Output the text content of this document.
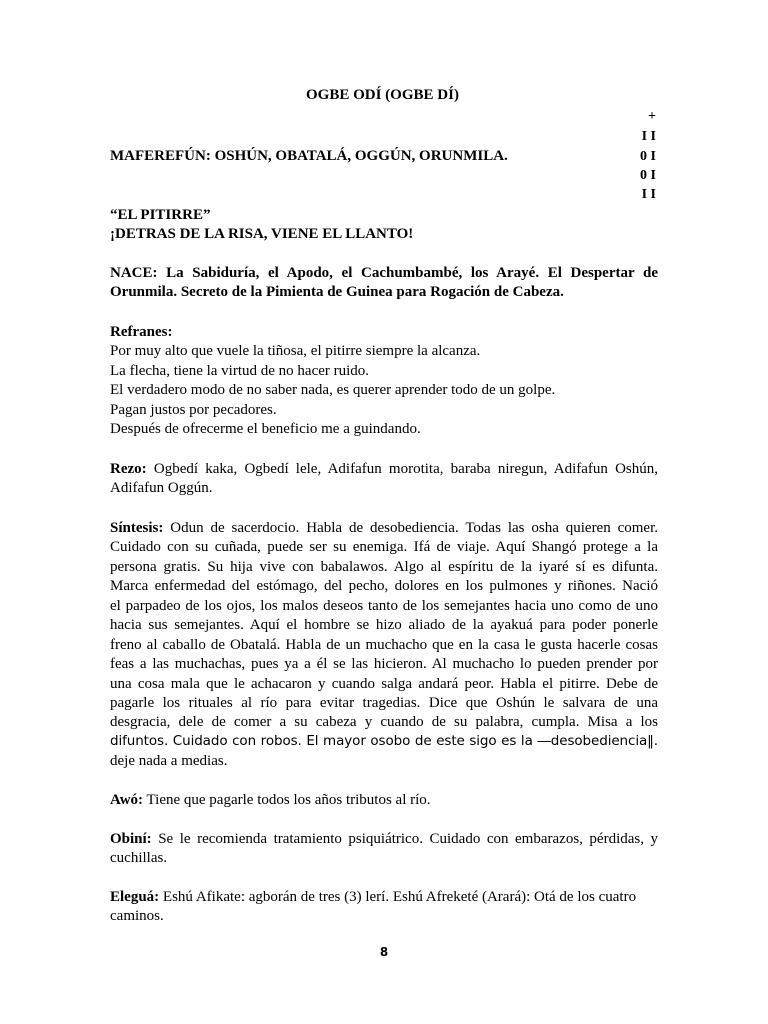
OGBE ODÍ (OGBE DÍ)
+
I I
0 I
0 I
I I
MAFEREFÚN: OSHÚN, OBATALÁ, OGGÚN, ORUNMILA.
“EL PITIRRE”
¡DETRAS DE LA RISA, VIENE EL LLANTO!
NACE: La Sabiduría, el Apodo, el Cachumbambé, los Arayé. El Despertar de
Orunmila. Secreto de la Pimienta de Guinea para Rogación de Cabeza.
Refranes:
Por muy alto que vuele la tiñosa, el pitirre siempre la alcanza.
La flecha, tiene la virtud de no hacer ruido.
El verdadero modo de no saber nada, es querer aprender todo de un golpe.
Pagan justos por pecadores.
Después de ofrecerme el beneficio me a guindando.
Rezo: Ogbedí kaka, Ogbedí lele, Adifafun morotita, baraba niregun, Adifafun Oshún,
Adifafun Oggún.
Síntesis: Odun de sacerdocio. Habla de desobediencia. Todas las osha quieren comer.
Cuidado con su cuñada, puede ser su enemiga. Ifá de viaje. Aquí Shangó protege a la
persona gratis. Su hija vive con babalawos. Algo al espíritu de la iyaré sí es difunta.
Marca enfermedad del estómago, del pecho, dolores en los pulmones y riñones. Nació
el parpadeo de los ojos, los malos deseos tanto de los semejantes hacia uno como de uno
hacia sus semejantes. Aquí el hombre se hizo aliado de la ayakuá para poder ponerle
freno al caballo de Obatalá. Habla de un muchacho que en la casa le gusta hacerle cosas
feas a las muchachas, pues ya a él se las hicieron. Al muchacho lo pueden prender por
una cosa mala que le achacaron y cuando salga andará peor. Habla el pitirre. Debe de
pagarle los rituales al río para evitar tragedias. Dice que Oshún le salvara de una
desgracia, dele de comer a su cabeza y cuando de su palabra, cumpla. Misa a los
difuntos. Cuidado con robos. El mayor osobo de este sigo es la ―desobediencia‖.
deje nada a medias.
Awó: Tiene que pagarle todos los años tributos al río.
Obiní: Se le recomienda tratamiento psiquiátrico. Cuidado con embarazos, pérdidas, y
cuchillas.
Eleguá: Eshú Afikate: agborán de tres (3) lerí. Eshú Afreketé (Arará): Otá de los cuatro
caminos.
8
